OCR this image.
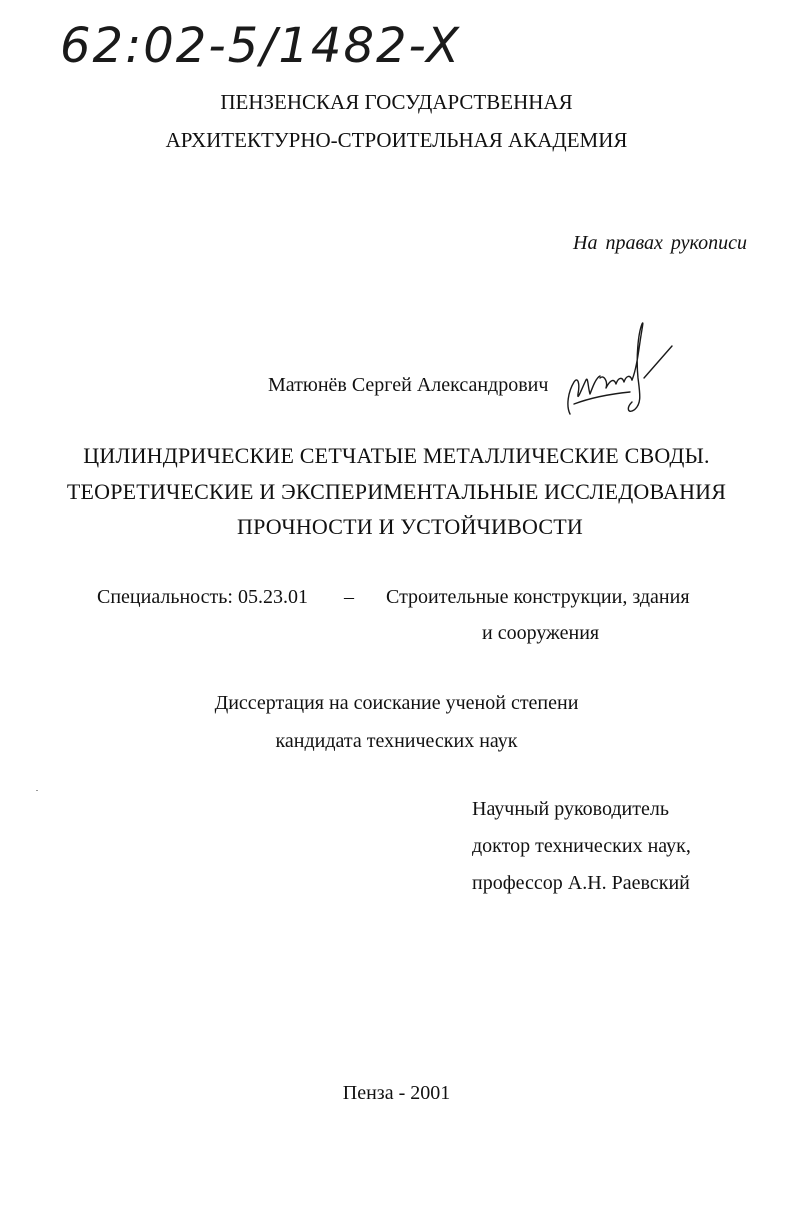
62:02-5/1482-X
ПЕНЗЕНСКАЯ ГОСУДАРСТВЕННАЯ
АРХИТЕКТУРНО-СТРОИТЕЛЬНАЯ АКАДЕМИЯ
На правах рукописи
Матюнёв Сергей Александрович
ЦИЛИНДРИЧЕСКИЕ СЕТЧАТЫЕ МЕТАЛЛИЧЕСКИЕ СВОДЫ.
ТЕОРЕТИЧЕСКИЕ И ЭКСПЕРИМЕНТАЛЬНЫЕ ИССЛЕДОВАНИЯ
ПРОЧНОСТИ И УСТОЙЧИВОСТИ
Специальность: 05.23.01 – Строительные конструкции, здания
и сооружения
Диссертация на соискание ученой степени
кандидата технических наук
Научный руководитель
доктор технических наук,
профессор А.Н. Раевский
Пенза - 2001
